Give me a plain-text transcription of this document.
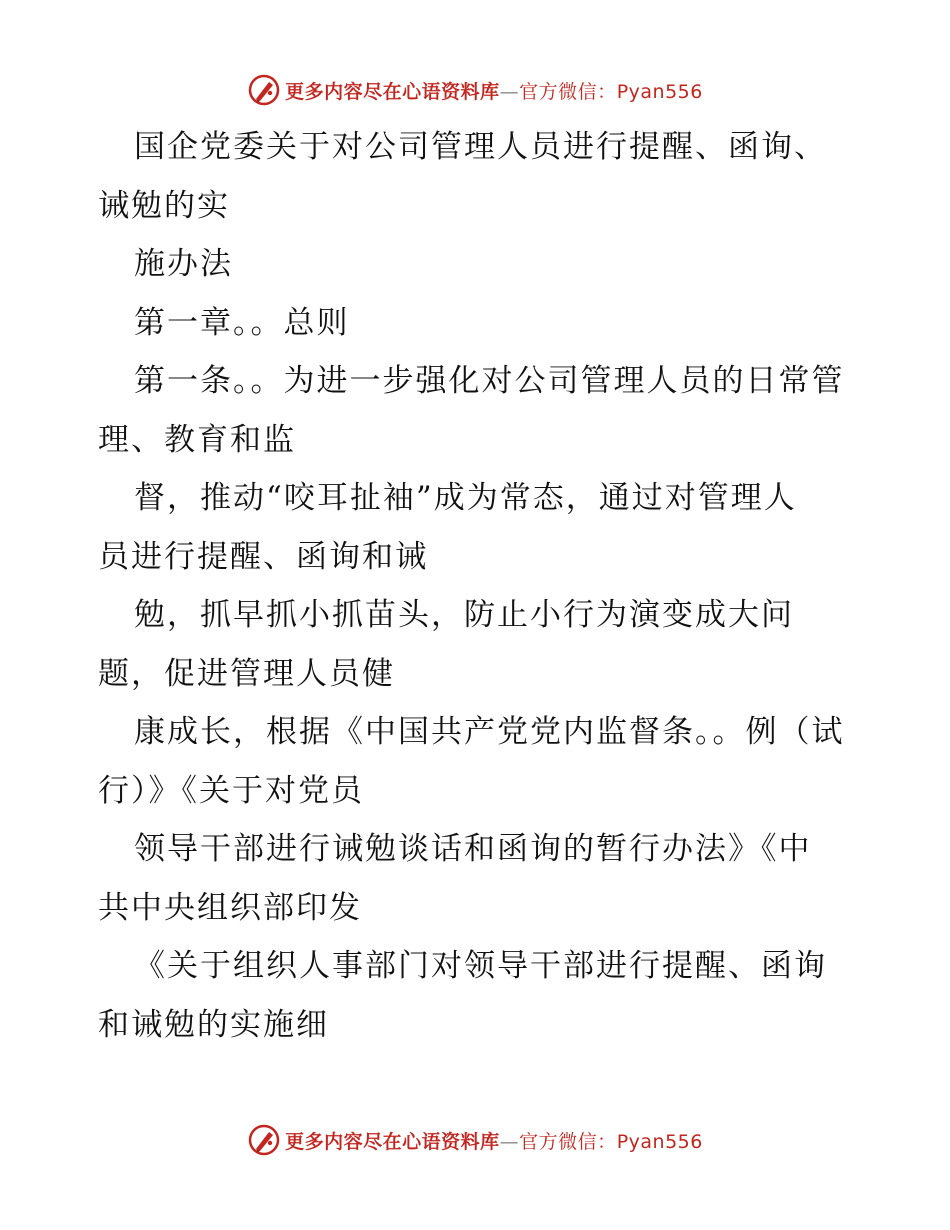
更多内容尽在心语资料库—官方微信：Pyan556
国企党委关于对公司管理人员进行提醒、函询、
诫勉的实
施办法
第一章。。总则
第一条。。为进一步强化对公司管理人员的日常管
理、教育和监
督，推动“咬耳扯袖”成为常态，通过对管理人
员进行提醒、函询和诫
勉，抓早抓小抓苗头，防止小行为演变成大问
题，促进管理人员健
康成长，根据《中国共产党党内监督条。。例（试
行）》《关于对党员
领导干部进行诫勉谈话和函询的暂行办法》《中
共中央组织部印发
《关于组织人事部门对领导干部进行提醒、函询
和诫勉的实施细
更多内容尽在心语资料库—官方微信：Pyan556
